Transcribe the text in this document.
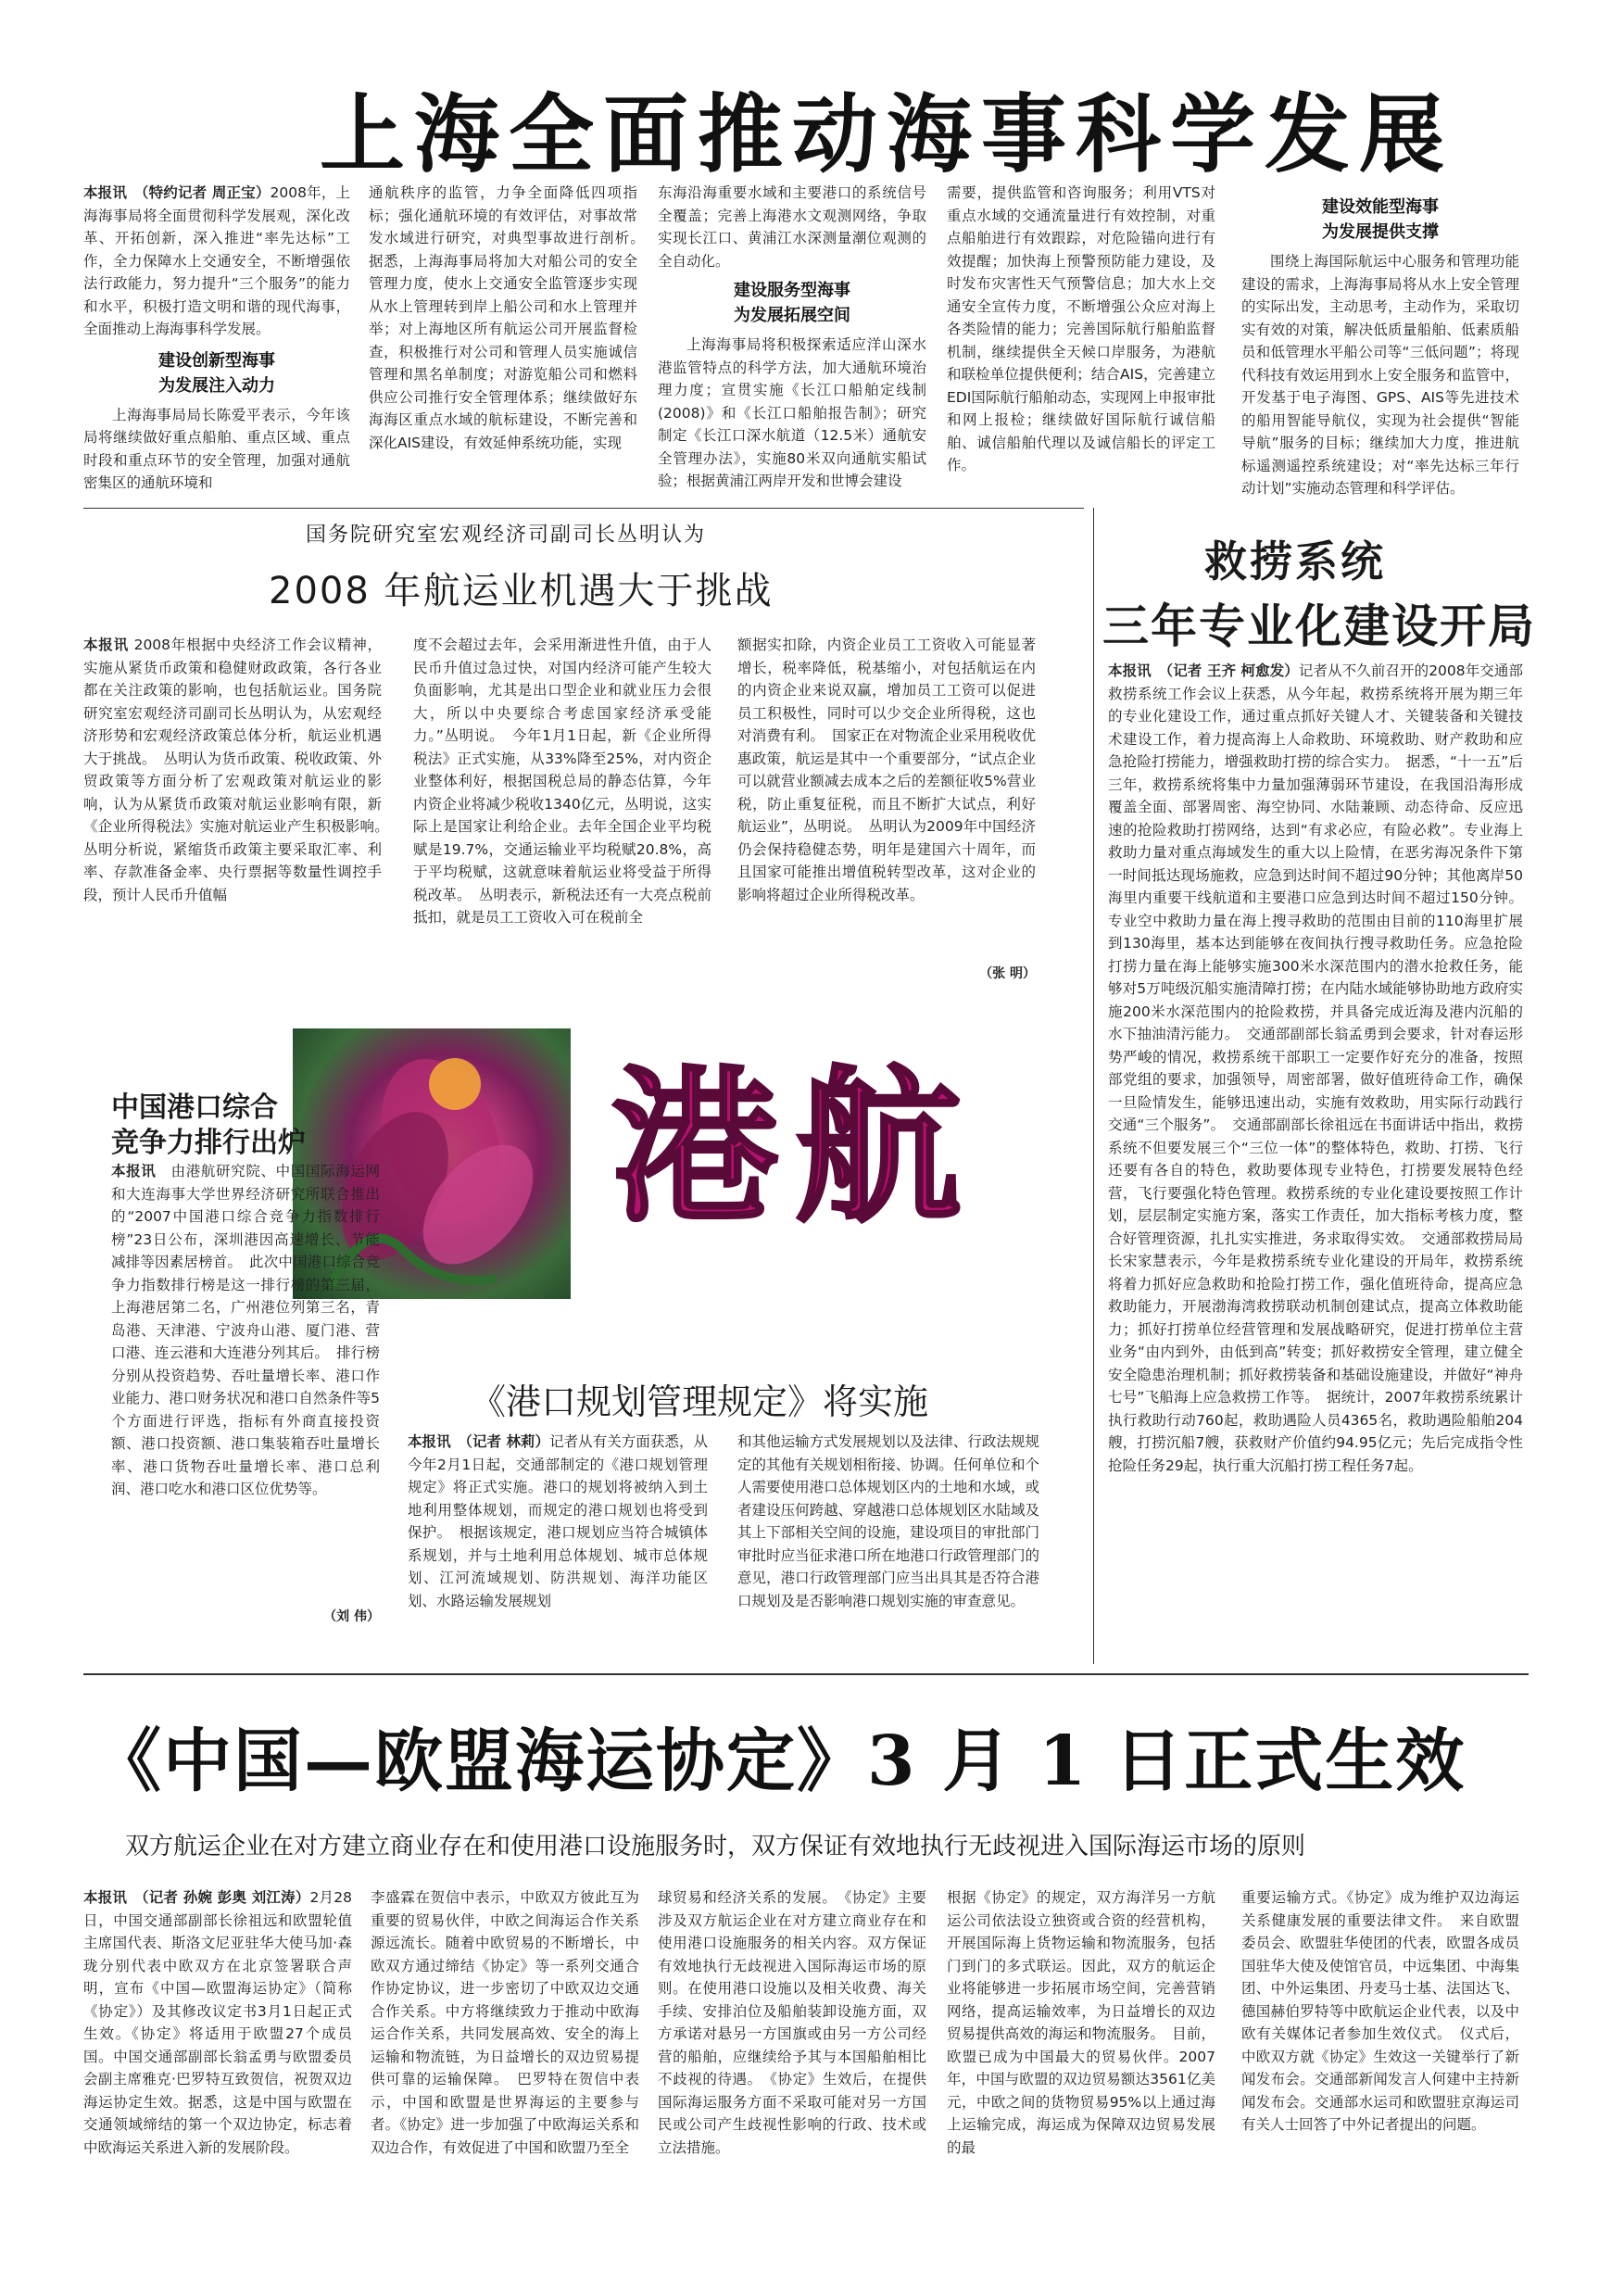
上海全面推动海事科学发展

本报讯　（特约记者 周正宝）2008年，上海海事局将全面贯彻科学发展观，深化改革、开拓创新，深入推进“率先达标”工作，全力保障水上交通安全，不断增强依法行政能力，努力提升“三个服务”的能力和水平，积极打造文明和谐的现代海事，全面推动上海海事科学发展。

建设创新型海事
为发展注入动力

上海海事局局长陈爱平表示，今年该局将继续做好重点船舶、重点区域、重点时段和重点环节的安全管理，加强对通航密集区的通航环境和

通航秩序的监管，力争全面降低四项指标；强化通航环境的有效评估，对事故常发水域进行研究，对典型事故进行剖析。　据悉，上海海事局将加大对船公司的安全管理力度，使水上交通安全监管逐步实现从水上管理转到岸上船公司和水上管理并举；对上海地区所有航运公司开展监督检查，积极推行对公司和管理人员实施诚信管理和黑名单制度；对游览船公司和燃料供应公司推行安全管理体系；继续做好东海海区重点水域的航标建设，不断完善和深化AIS建设，有效延伸系统功能，实现

东海沿海重要水域和主要港口的系统信号全覆盖；完善上海港水文观测网络，争取实现长江口、黄浦江水深测量潮位观测的全自动化。

建设服务型海事
为发展拓展空间

上海海事局将积极探索适应洋山深水港监管特点的科学方法，加大通航环境治理力度；宣贯实施《长江口船舶定线制(2008)》和《长江口船舶报告制》；研究制定《长江口深水航道（12.5米）通航安全管理办法》，实施80米双向通航实船试验；根据黄浦江两岸开发和世博会建设

需要，提供监管和咨询服务；利用VTS对重点水域的交通流量进行有效控制，对重点船舶进行有效跟踪，对危险锚向进行有效提醒；加快海上预警预防能力建设，及时发布灾害性天气预警信息；加大水上交通安全宣传力度，不断增强公众应对海上各类险情的能力；完善国际航行船舶监督机制，继续提供全天候口岸服务，为港航和联检单位提供便利；结合AIS，完善建立EDI国际航行船舶动态，实现网上申报审批和网上报检；继续做好国际航行诚信船舶、诚信船舶代理以及诚信船长的评定工作。

建设效能型海事
为发展提供支撑

围绕上海国际航运中心服务和管理功能建设的需求，上海海事局将从水上安全管理的实际出发，主动思考，主动作为，采取切实有效的对策，解决低质量船舶、低素质船员和低管理水平船公司等“三低问题”；将现代科技有效运用到水上安全服务和监管中，开发基于电子海图、GPS、AIS等先进技术的船用智能导航仪，实现为社会提供“智能导航”服务的目标；继续加大力度，推进航标遥测遥控系统建设；对“率先达标三年行动计划”实施动态管理和科学评估。

国务院研究室宏观经济司副司长丛明认为
2008 年航运业机遇大于挑战

本报讯 2008年根据中央经济工作会议精神，实施从紧货币政策和稳健财政政策，各行各业都在关注政策的影响，也包括航运业。国务院研究室宏观经济司副司长丛明认为，从宏观经济形势和宏观经济政策总体分析，航运业机遇大于挑战。　丛明认为货币政策、税收政策、外贸政策等方面分析了宏观政策对航运业的影响，认为从紧货币政策对航运业影响有限，新《企业所得税法》实施对航运业产生积极影响。　丛明分析说，紧缩货币政策主要采取汇率、利率、存款准备金率、央行票据等数量性调控手段，预计人民币升值幅

度不会超过去年，会采用渐进性升值，由于人民币升值过急过快，对国内经济可能产生较大负面影响，尤其是出口型企业和就业压力会很大，所以中央要综合考虑国家经济承受能力。”丛明说。　今年1月1日起，新《企业所得税法》正式实施，从33%降至25%，对内资企业整体利好，根据国税总局的静态估算，今年内资企业将减少税收1340亿元，丛明说，这实际上是国家让利给企业。去年全国企业平均税赋是19.7%，交通运输业平均税赋20.8%，高于平均税赋，这就意味着航运业将受益于所得税改革。　丛明表示，新税法还有一大亮点税前抵扣，就是员工工资收入可在税前全

额据实扣除，内资企业员工工资收入可能显著增长，税率降低，税基缩小，对包括航运在内的内资企业来说双赢，增加员工工资可以促进员工积极性，同时可以少交企业所得税，这也对消费有利。　国家正在对物流企业采用税收优惠政策，航运是其中一个重要部分，“试点企业可以就营业额减去成本之后的差额征收5%营业税，防止重复征税，而且不断扩大试点，利好航运业”，丛明说。　丛明认为2009年中国经济仍会保持稳健态势，明年是建国六十周年，而且国家可能推出增值税转型改革，这对企业的影响将超过企业所得税改革。

（张 明）
救捞系统
三年专业化建设开局

本报讯　（记者 王齐 柯愈发）记者从不久前召开的2008年交通部救捞系统工作会议上获悉，从今年起，救捞系统将开展为期三年的专业化建设工作，通过重点抓好关键人才、关键装备和关键技术建设工作，着力提高海上人命救助、环境救助、财产救助和应急抢险打捞能力，增强救助打捞的综合实力。　据悉，“十一五”后三年，救捞系统将集中力量加强薄弱环节建设，在我国沿海形成覆盖全面、部署周密、海空协同、水陆兼顾、动态待命、反应迅速的抢险救助打捞网络，达到“有求必应，有险必救”。专业海上救助力量对重点海域发生的重大以上险情，在恶劣海况条件下第一时间抵达现场施救，应急到达时间不超过90分钟；其他离岸50海里内重要干线航道和主要港口应急到达时间不超过150分钟。专业空中救助力量在海上搜寻救助的范围由目前的110海里扩展到130海里，基本达到能够在夜间执行搜寻救助任务。应急抢险打捞力量在海上能够实施300米水深范围内的潜水抢救任务，能够对5万吨级沉船实施清障打捞；在内陆水域能够协助地方政府实施200米水深范围内的抢险救捞，并具备完成近海及港内沉船的水下抽油清污能力。　交通部副部长翁孟勇到会要求，针对春运形势严峻的情况，救捞系统干部职工一定要作好充分的准备，按照部党组的要求，加强领导，周密部署，做好值班待命工作，确保一旦险情发生，能够迅速出动，实施有效救助，用实际行动践行交通“三个服务”。　交通部副部长徐祖远在书面讲话中指出，救捞系统不但要发展三个“三位一体”的整体特色，救助、打捞、飞行还要有各自的特色，救助要体现专业特色，打捞要发展特色经营，飞行要强化特色管理。救捞系统的专业化建设要按照工作计划，层层制定实施方案，落实工作责任，加大指标考核力度，整合好管理资源，扎扎实实推进，务求取得实效。　交通部救捞局局长宋家慧表示，今年是救捞系统专业化建设的开局年，救捞系统将着力抓好应急救助和抢险打捞工作，强化值班待命，提高应急救助能力，开展渤海湾救捞联动机制创建试点，提高立体救助能力；抓好打捞单位经营管理和发展战略研究，促进打捞单位主营业务“由内到外，由低到高”转变；抓好救捞安全管理，建立健全安全隐患治理机制；抓好救捞装备和基础设施建设，并做好“神舟七号”飞船海上应急救捞工作等。　据统计，2007年救捞系统累计执行救助行动760起，救助遇险人员4365名，救助遇险船舶204艘，打捞沉船7艘，获救财产价值约94.95亿元；先后完成指令性抢险任务29起，执行重大沉船打捞工程任务7起。

港航
中国港口综合
竞争力排行出炉

本报讯　 由港航研究院、中国国际海运网和大连海事大学世界经济研究所联合推出的“2007中国港口综合竞争力指数排行榜”23日公布，深圳港因高速增长、节能减排等因素居榜首。　此次中国港口综合竞争力指数排行榜是这一排行榜的第三届，上海港居第二名，广州港位列第三名，青岛港、天津港、宁波舟山港、厦门港、营口港、连云港和大连港分列其后。　排行榜分别从投资趋势、吞吐量增长率、港口作业能力、港口财务状况和港口自然条件等5个方面进行评选，指标有外商直接投资额、港口投资额、港口集装箱吞吐量增长率、港口货物吞吐量增长率、港口总利润、港口吃水和港口区位优势等。

（刘 伟）
《港口规划管理规定》将实施

本报讯　（记者 林莉）记者从有关方面获悉，从今年2月1日起，交通部制定的《港口规划管理规定》将正式实施。港口的规划将被纳入到土地利用整体规划，而规定的港口规划也将受到保护。　根据该规定，港口规划应当符合城镇体系规划，并与土地利用总体规划、城市总体规划、江河流域规划、防洪规划、海洋功能区划、水路运输发展规划

和其他运输方式发展规划以及法律、行政法规规定的其他有关规划相衔接、协调。任何单位和个人需要使用港口总体规划区内的土地和水域，或者建设压何跨越、穿越港口总体规划区水陆域及其上下部相关空间的设施，建设项目的审批部门审批时应当征求港口所在地港口行政管理部门的意见，港口行政管理部门应当出具其是否符合港口规划及是否影响港口规划实施的审查意见。

《中国—欧盟海运协定》3 月 1 日正式生效
双方航运企业在对方建立商业存在和使用港口设施服务时，双方保证有效地执行无歧视进入国际海运市场的原则

本报讯　（记者 孙婉 彭奥 刘江涛）2月28日，中国交通部副部长徐祖远和欧盟轮值主席国代表、斯洛文尼亚驻华大使马加·森珑分别代表中欧双方在北京签署联合声明，宣布《中国—欧盟海运协定》（简称《协定》）及其修改议定书3月1日起正式生效。《协定》将适用于欧盟27个成员国。中国交通部副部长翁孟勇与欧盟委员会副主席雅克·巴罗特互致贺信，祝贺双边海运协定生效。据悉，这是中国与欧盟在交通领域缔结的第一个双边协定，标志着中欧海运关系进入新的发展阶段。

李盛霖在贺信中表示，中欧双方彼此互为重要的贸易伙伴，中欧之间海运合作关系源远流长。随着中欧贸易的不断增长，中欧双方通过缔结《协定》等一系列交通合作协定协议，进一步密切了中欧双边交通合作关系。中方将继续致力于推动中欧海运合作关系，共同发展高效、安全的海上运输和物流链，为日益增长的双边贸易提供可靠的运输保障。　巴罗特在贺信中表示，中国和欧盟是世界海运的主要参与者。《协定》进一步加强了中欧海运关系和双边合作，有效促进了中国和欧盟乃至全

球贸易和经济关系的发展。　《协定》主要涉及双方航运企业在对方建立商业存在和使用港口设施服务的相关内容。双方保证有效地执行无歧视进入国际海运市场的原则。在使用港口设施以及相关收费、海关手续、安排泊位及船舶装卸设施方面，双方承诺对悬另一方国旗或由另一方公司经营的船舶，应继续给予其与本国船舶相比不歧视的待遇。　《协定》生效后，在提供国际海运服务方面不采取可能对另一方国民或公司产生歧视性影响的行政、技术或立法措施。

根据《协定》的规定，双方海洋另一方航运公司依法设立独资或合资的经营机构，开展国际海上货物运输和物流服务，包括门到门的多式联运。因此，双方的航运企业将能够进一步拓展市场空间，完善营销网络，提高运输效率，为日益增长的双边贸易提供高效的海运和物流服务。　目前，欧盟已成为中国最大的贸易伙伴。2007年，中国与欧盟的双边贸易额达3561亿美元，中欧之间的货物贸易95%以上通过海上运输完成，海运成为保障双边贸易发展的最

重要运输方式。《协定》成为维护双边海运关系健康发展的重要法律文件。　来自欧盟委员会、欧盟驻华使团的代表，欧盟各成员国驻华大使及使馆官员，中远集团、中海集团、中外运集团、丹麦马士基、法国达飞、德国赫伯罗特等中欧航运企业代表，以及中欧有关媒体记者参加生效仪式。　仪式后，中欧双方就《协定》生效这一关键举行了新闻发布会。交通部新闻发言人何建中主持新闻发布会。交通部水运司和欧盟驻京海运司有关人士回答了中外记者提出的问题。
